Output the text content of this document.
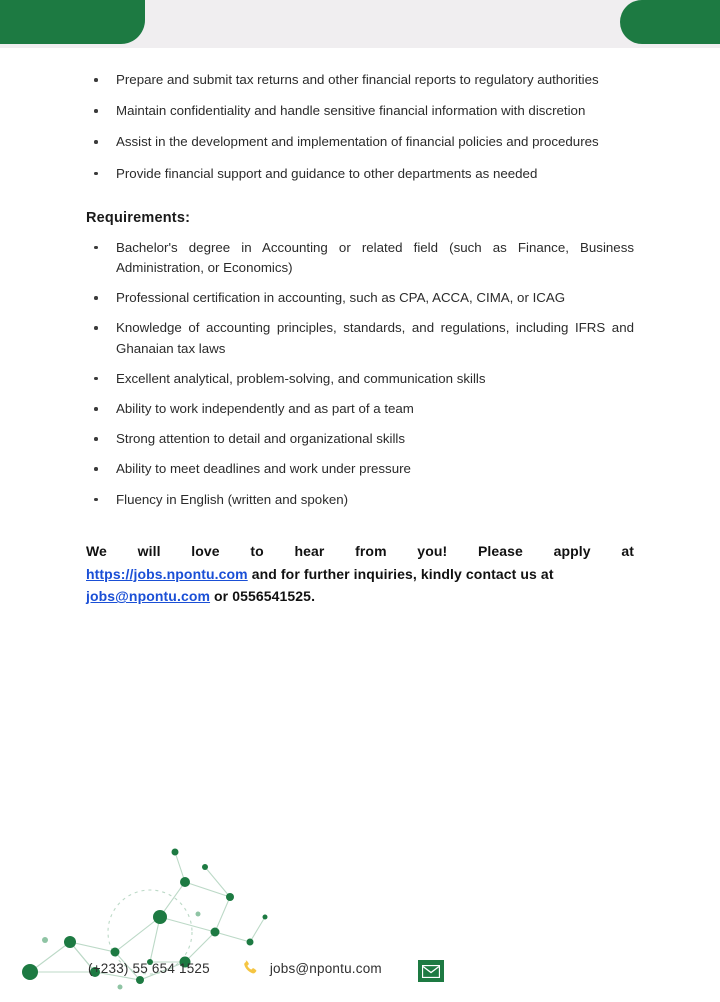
Prepare and submit tax returns and other financial reports to regulatory authorities
Maintain confidentiality and handle sensitive financial information with discretion
Assist in the development and implementation of financial policies and procedures
Provide financial support and guidance to other departments as needed
Requirements:
Bachelor's degree in Accounting or related field (such as Finance, Business Administration, or Economics)
Professional certification in accounting, such as CPA, ACCA, CIMA, or ICAG
Knowledge of accounting principles, standards, and regulations, including IFRS and Ghanaian tax laws
Excellent analytical, problem-solving, and communication skills
Ability to work independently and as part of a team
Strong attention to detail and organizational skills
Ability to meet deadlines and work under pressure
Fluency in English (written and spoken)
We will love to hear from you! Please apply at
https://jobs.npontu.com and for further inquiries, kindly contact us at jobs@npontu.com or 0556541525.
(+233) 55 654 1525	jobs@npontu.com
